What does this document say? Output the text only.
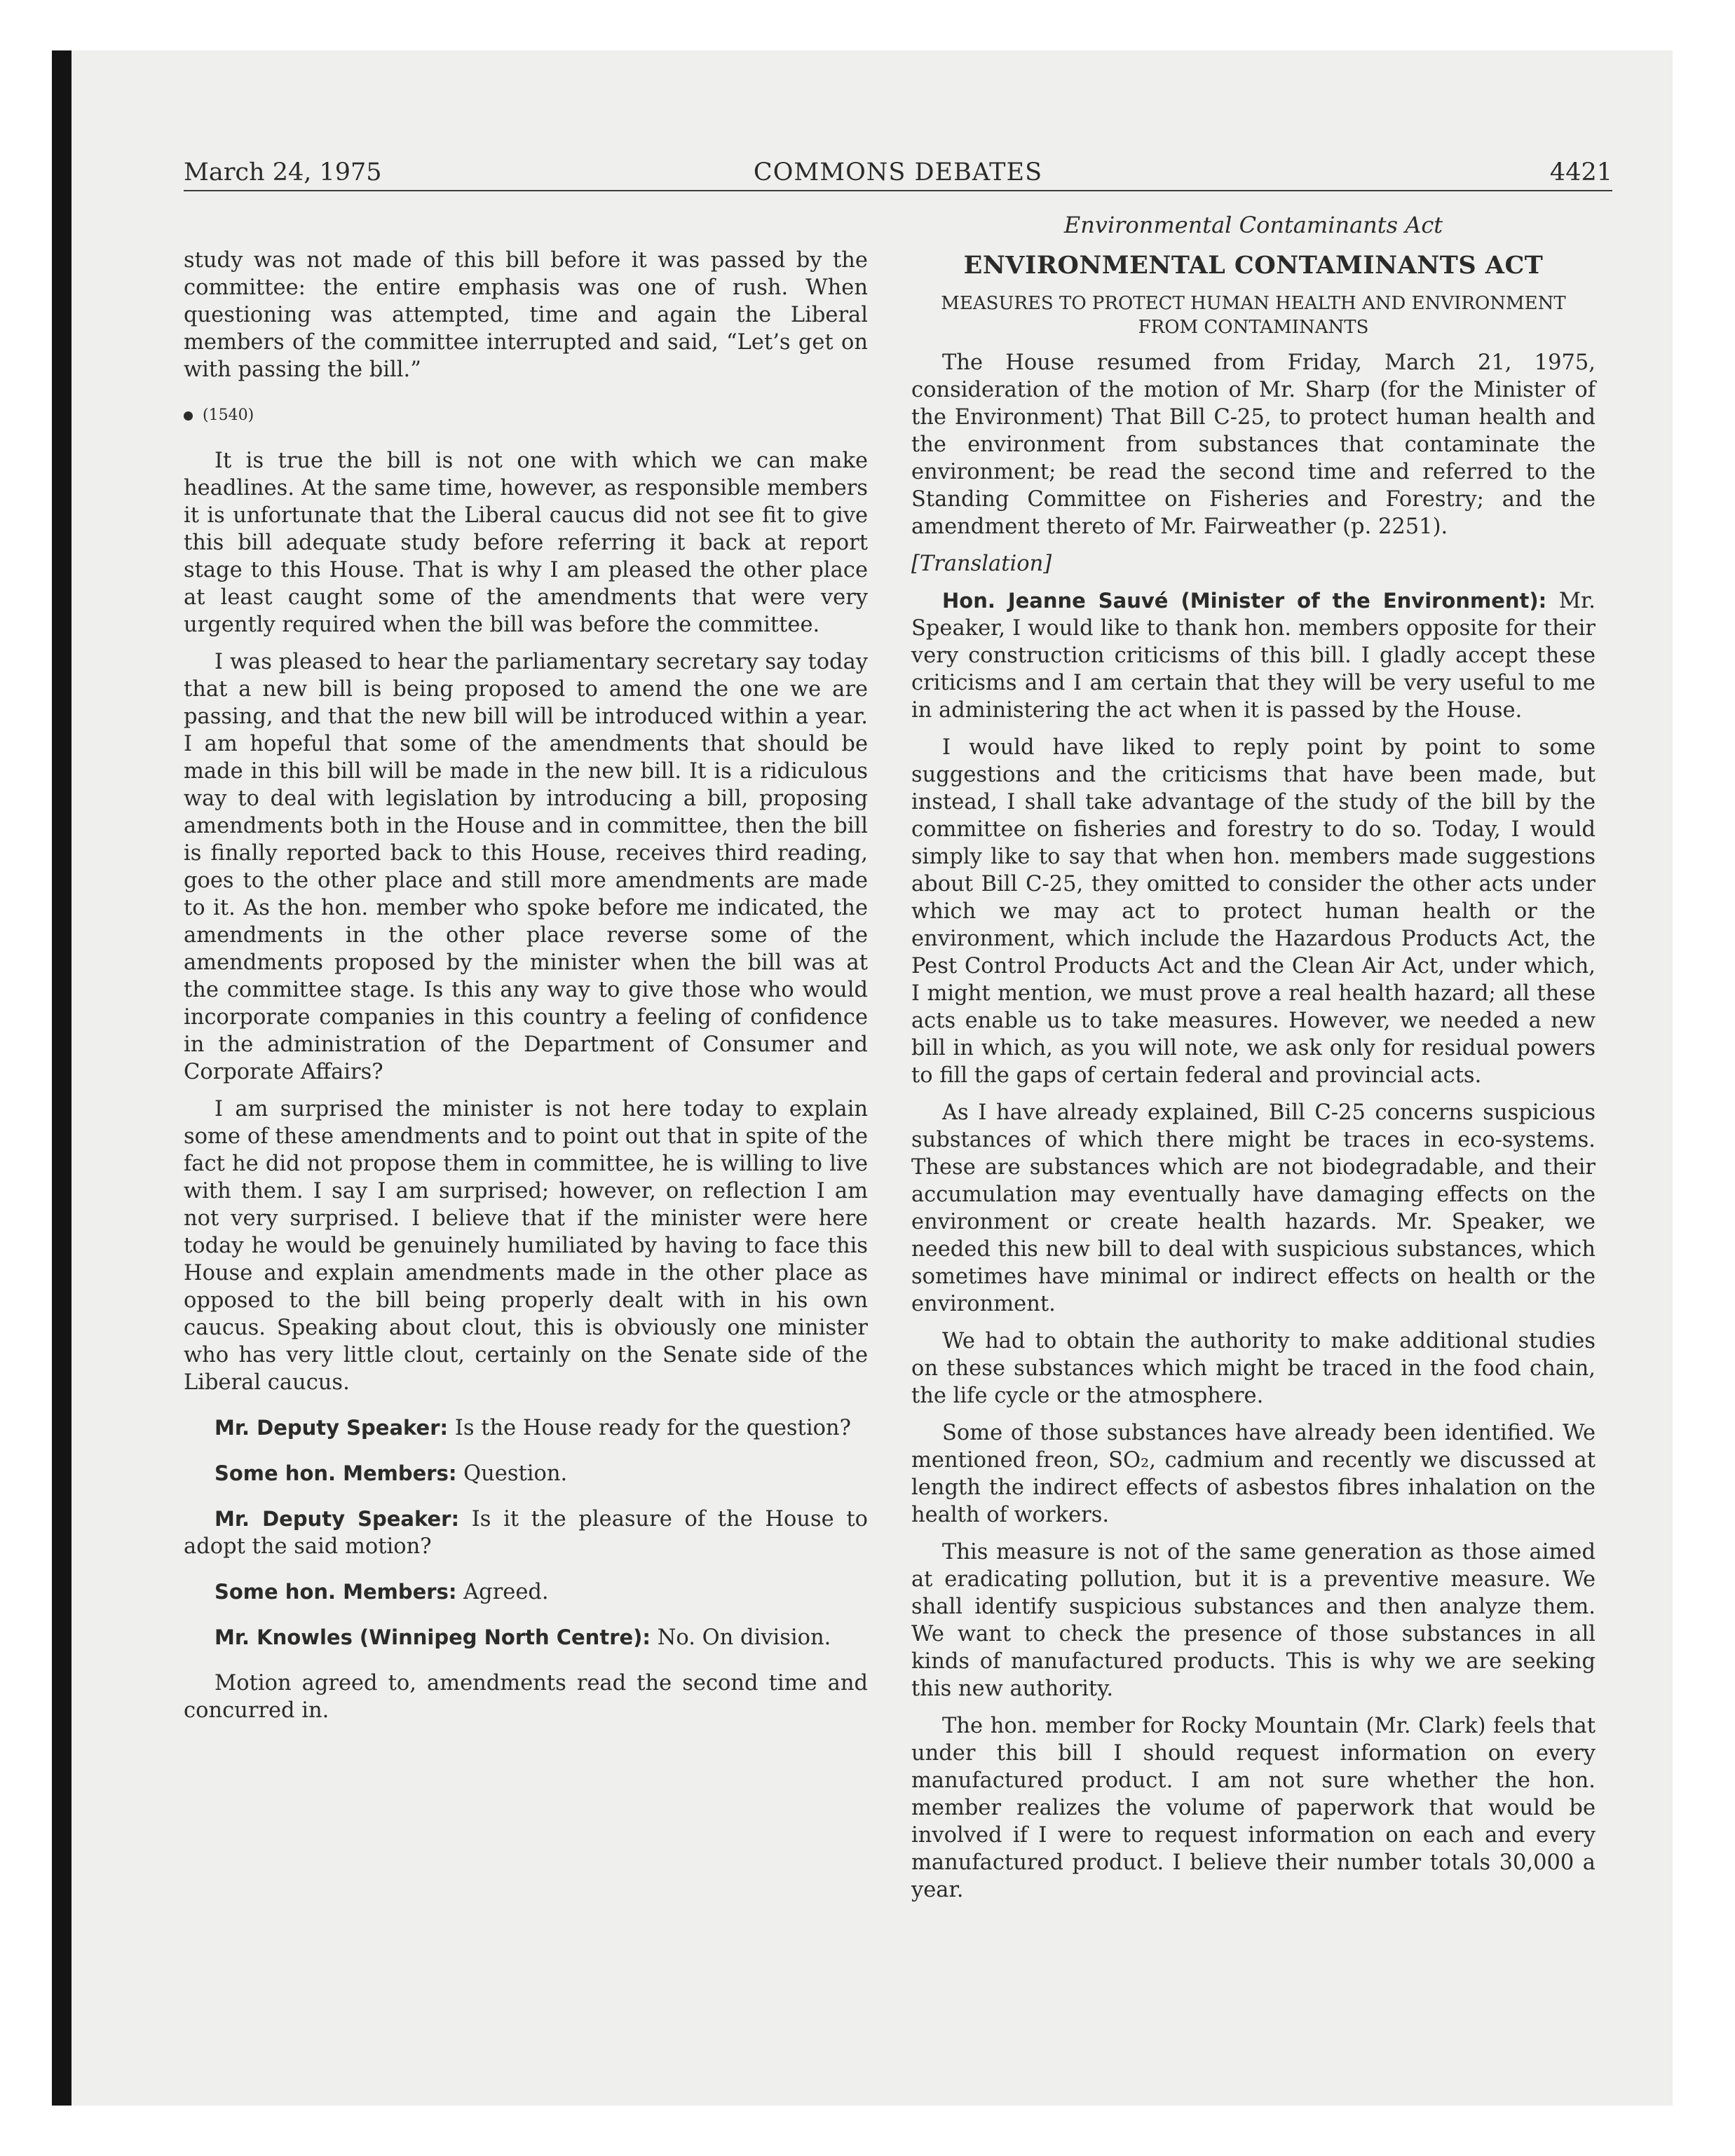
March 24, 1975	COMMONS DEBATES	4421

study was not made of this bill before it was passed by the committee: the entire emphasis was one of rush. When questioning was attempted, time and again the Liberal members of the committee interrupted and said, “Let’s get on with passing the bill.”

(1540)

It is true the bill is not one with which we can make headlines. At the same time, however, as responsible members it is unfortunate that the Liberal caucus did not see fit to give this bill adequate study before referring it back at report stage to this House. That is why I am pleased the other place at least caught some of the amendments that were very urgently required when the bill was before the committee.

I was pleased to hear the parliamentary secretary say today that a new bill is being proposed to amend the one we are passing, and that the new bill will be introduced within a year. I am hopeful that some of the amendments that should be made in this bill will be made in the new bill. It is a ridiculous way to deal with legislation by introducing a bill, proposing amendments both in the House and in committee, then the bill is finally reported back to this House, receives third reading, goes to the other place and still more amendments are made to it. As the hon. member who spoke before me indicated, the amendments in the other place reverse some of the amendments proposed by the minister when the bill was at the committee stage. Is this any way to give those who would incorporate companies in this country a feeling of confidence in the administration of the Department of Consumer and Corporate Affairs?

I am surprised the minister is not here today to explain some of these amendments and to point out that in spite of the fact he did not propose them in committee, he is willing to live with them. I say I am surprised; however, on reflection I am not very surprised. I believe that if the minister were here today he would be genuinely humiliated by having to face this House and explain amendments made in the other place as opposed to the bill being properly dealt with in his own caucus. Speaking about clout, this is obviously one minister who has very little clout, certainly on the Senate side of the Liberal caucus.

Mr. Deputy Speaker: Is the House ready for the question?

Some hon. Members: Question.

Mr. Deputy Speaker: Is it the pleasure of the House to adopt the said motion?

Some hon. Members: Agreed.

Mr. Knowles (Winnipeg North Centre): No. On division.

Motion agreed to, amendments read the second time and concurred in.

Environmental Contaminants Act

ENVIRONMENTAL CONTAMINANTS ACT

MEASURES TO PROTECT HUMAN HEALTH AND ENVIRONMENT FROM CONTAMINANTS

The House resumed from Friday, March 21, 1975, consideration of the motion of Mr. Sharp (for the Minister of the Environment) That Bill C-25, to protect human health and the environment from substances that contaminate the environment; be read the second time and referred to the Standing Committee on Fisheries and Forestry; and the amendment thereto of Mr. Fairweather (p. 2251).

[Translation]

Hon. Jeanne Sauvé (Minister of the Environment): Mr. Speaker, I would like to thank hon. members opposite for their very construction criticisms of this bill. I gladly accept these criticisms and I am certain that they will be very useful to me in administering the act when it is passed by the House.

I would have liked to reply point by point to some suggestions and the criticisms that have been made, but instead, I shall take advantage of the study of the bill by the committee on fisheries and forestry to do so. Today, I would simply like to say that when hon. members made suggestions about Bill C-25, they omitted to consider the other acts under which we may act to protect human health or the environment, which include the Hazardous Products Act, the Pest Control Products Act and the Clean Air Act, under which, I might mention, we must prove a real health hazard; all these acts enable us to take measures. However, we needed a new bill in which, as you will note, we ask only for residual powers to fill the gaps of certain federal and provincial acts.

As I have already explained, Bill C-25 concerns suspicious substances of which there might be traces in eco-systems. These are substances which are not biodegradable, and their accumulation may eventually have damaging effects on the environment or create health hazards. Mr. Speaker, we needed this new bill to deal with suspicious substances, which sometimes have minimal or indirect effects on health or the environment.

We had to obtain the authority to make additional studies on these substances which might be traced in the food chain, the life cycle or the atmosphere.

Some of those substances have already been identified. We mentioned freon, SO₂, cadmium and recently we discussed at length the indirect effects of asbestos fibres inhalation on the health of workers.

This measure is not of the same generation as those aimed at eradicating pollution, but it is a preventive measure. We shall identify suspicious substances and then analyze them. We want to check the presence of those substances in all kinds of manufactured products. This is why we are seeking this new authority.

The hon. member for Rocky Mountain (Mr. Clark) feels that under this bill I should request information on every manufactured product. I am not sure whether the hon. member realizes the volume of paperwork that would be involved if I were to request information on each and every manufactured product. I believe their number totals 30,000 a year.
